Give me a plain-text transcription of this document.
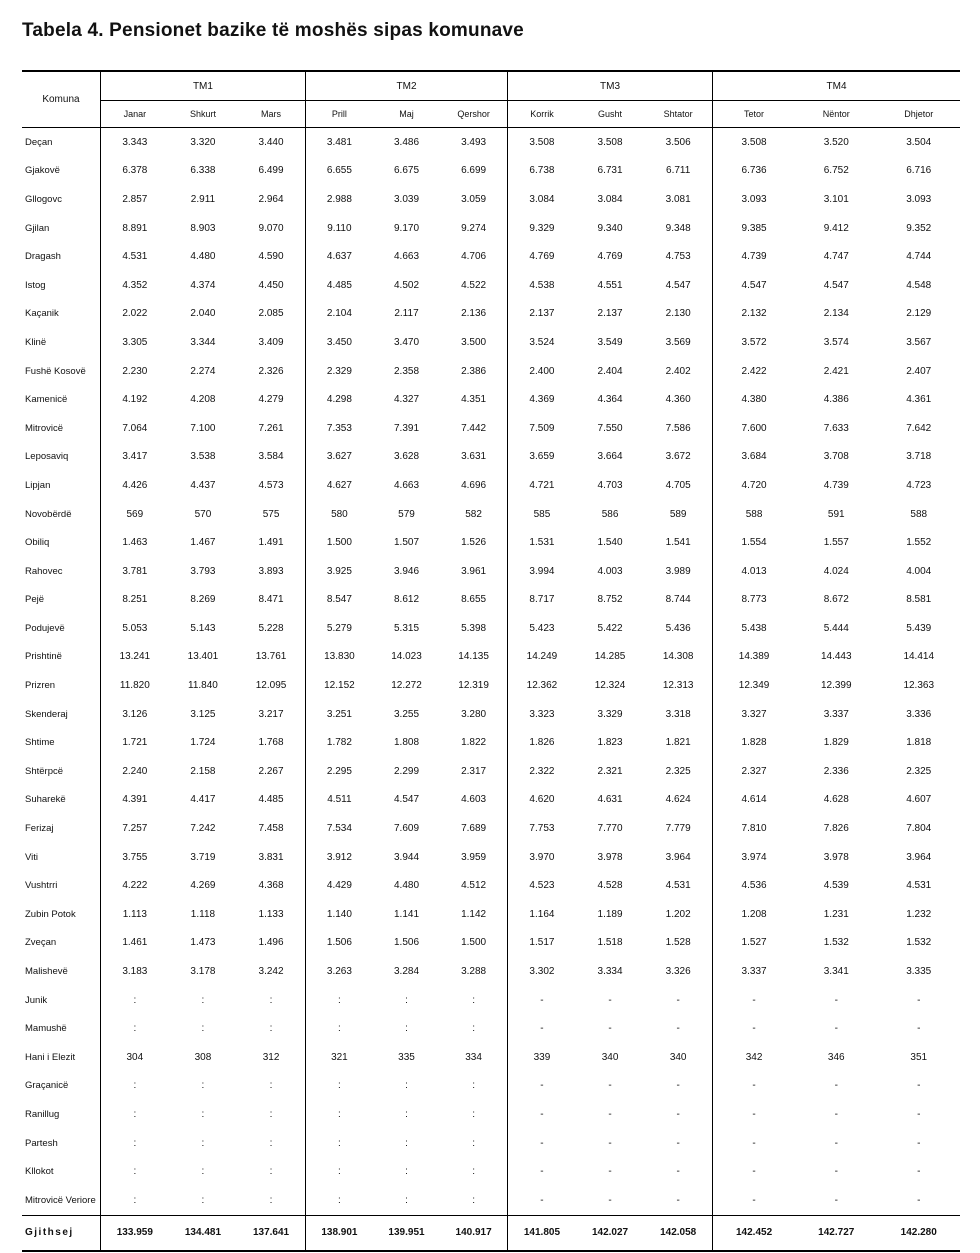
Tabela 4. Pensionet bazike të moshës sipas komunave
Komuna	TM1			TM2			TM3			TM4		
	Janar	Shkurt	Mars	Prill	Maj	Qershor	Korrik	Gusht	Shtator	Tetor	Nëntor	Dhjetor
Deçan	3.343	3.320	3.440	3.481	3.486	3.493	3.508	3.508	3.506	3.508	3.520	3.504
Gjakovë	6.378	6.338	6.499	6.655	6.675	6.699	6.738	6.731	6.711	6.736	6.752	6.716
Gllogovc	2.857	2.911	2.964	2.988	3.039	3.059	3.084	3.084	3.081	3.093	3.101	3.093
Gjilan	8.891	8.903	9.070	9.110	9.170	9.274	9.329	9.340	9.348	9.385	9.412	9.352
Dragash	4.531	4.480	4.590	4.637	4.663	4.706	4.769	4.769	4.753	4.739	4.747	4.744
Istog	4.352	4.374	4.450	4.485	4.502	4.522	4.538	4.551	4.547	4.547	4.547	4.548
Kaçanik	2.022	2.040	2.085	2.104	2.117	2.136	2.137	2.137	2.130	2.132	2.134	2.129
Klinë	3.305	3.344	3.409	3.450	3.470	3.500	3.524	3.549	3.569	3.572	3.574	3.567
Fushë Kosovë	2.230	2.274	2.326	2.329	2.358	2.386	2.400	2.404	2.402	2.422	2.421	2.407
Kamenicë	4.192	4.208	4.279	4.298	4.327	4.351	4.369	4.364	4.360	4.380	4.386	4.361
Mitrovicë	7.064	7.100	7.261	7.353	7.391	7.442	7.509	7.550	7.586	7.600	7.633	7.642
Leposaviq	3.417	3.538	3.584	3.627	3.628	3.631	3.659	3.664	3.672	3.684	3.708	3.718
Lipjan	4.426	4.437	4.573	4.627	4.663	4.696	4.721	4.703	4.705	4.720	4.739	4.723
Novobërdë	569	570	575	580	579	582	585	586	589	588	591	588
Obiliq	1.463	1.467	1.491	1.500	1.507	1.526	1.531	1.540	1.541	1.554	1.557	1.552
Rahovec	3.781	3.793	3.893	3.925	3.946	3.961	3.994	4.003	3.989	4.013	4.024	4.004
Pejë	8.251	8.269	8.471	8.547	8.612	8.655	8.717	8.752	8.744	8.773	8.672	8.581
Podujevë	5.053	5.143	5.228	5.279	5.315	5.398	5.423	5.422	5.436	5.438	5.444	5.439
Prishtinë	13.241	13.401	13.761	13.830	14.023	14.135	14.249	14.285	14.308	14.389	14.443	14.414
Prizren	11.820	11.840	12.095	12.152	12.272	12.319	12.362	12.324	12.313	12.349	12.399	12.363
Skenderaj	3.126	3.125	3.217	3.251	3.255	3.280	3.323	3.329	3.318	3.327	3.337	3.336
Shtime	1.721	1.724	1.768	1.782	1.808	1.822	1.826	1.823	1.821	1.828	1.829	1.818
Shtërpcë	2.240	2.158	2.267	2.295	2.299	2.317	2.322	2.321	2.325	2.327	2.336	2.325
Suharekë	4.391	4.417	4.485	4.511	4.547	4.603	4.620	4.631	4.624	4.614	4.628	4.607
Ferizaj	7.257	7.242	7.458	7.534	7.609	7.689	7.753	7.770	7.779	7.810	7.826	7.804
Viti	3.755	3.719	3.831	3.912	3.944	3.959	3.970	3.978	3.964	3.974	3.978	3.964
Vushtrri	4.222	4.269	4.368	4.429	4.480	4.512	4.523	4.528	4.531	4.536	4.539	4.531
Zubin Potok	1.113	1.118	1.133	1.140	1.141	1.142	1.164	1.189	1.202	1.208	1.231	1.232
Zveçan	1.461	1.473	1.496	1.506	1.506	1.500	1.517	1.518	1.528	1.527	1.532	1.532
Malishevë	3.183	3.178	3.242	3.263	3.284	3.288	3.302	3.334	3.326	3.337	3.341	3.335
Junik	:	:	:	:	:	:	-	-	-	-	-	-
Mamushë	:	:	:	:	:	:	-	-	-	-	-	-
Hani i Elezit	304	308	312	321	335	334	339	340	340	342	346	351
Graçanicë	:	:	:	:	:	:	-	-	-	-	-	-
Ranillug	:	:	:	:	:	:	-	-	-	-	-	-
Partesh	:	:	:	:	:	:	-	-	-	-	-	-
Kllokot	:	:	:	:	:	:	-	-	-	-	-	-
Mitrovicë Veriore	:	:	:	:	:	:	-	-	-	-	-	-
Gjithsej	133.959	134.481	137.641	138.901	139.951	140.917	141.805	142.027	142.058	142.452	142.727	142.280
